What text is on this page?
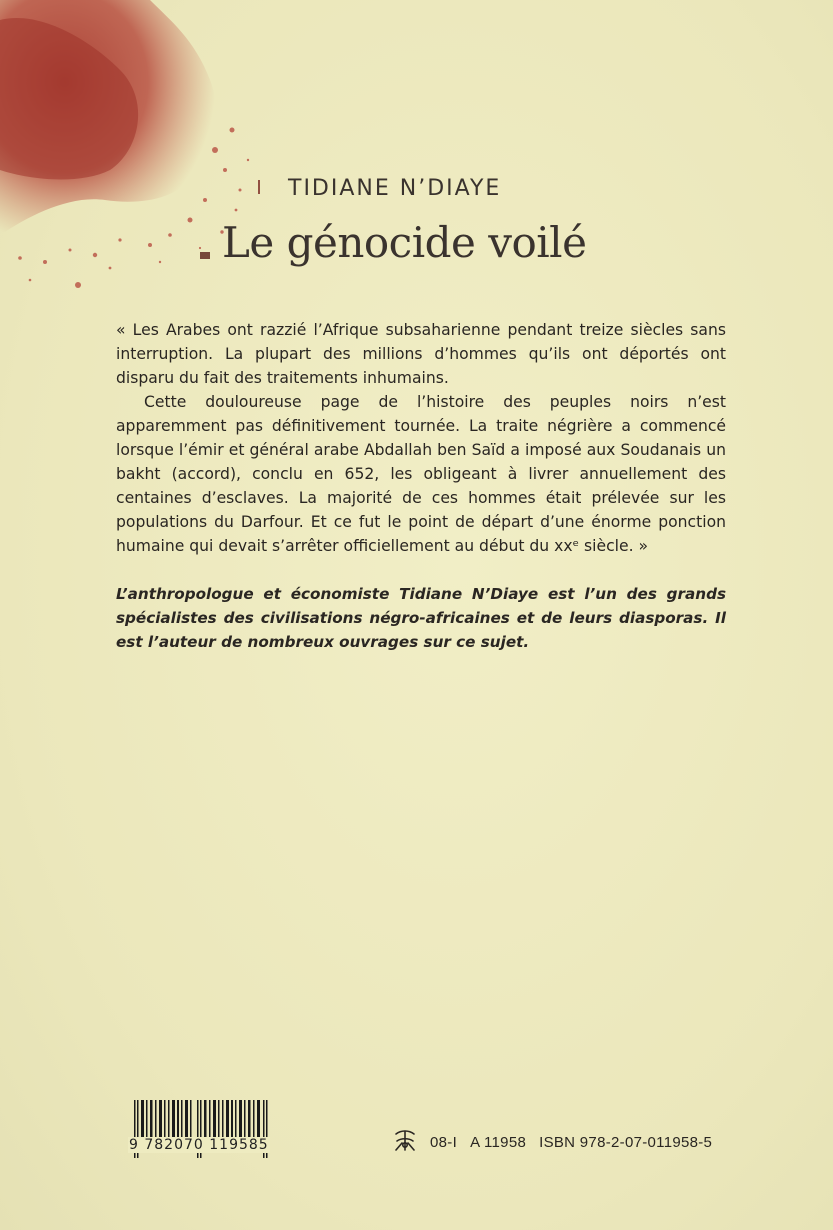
TIDIANE N’DIAYE
Le génocide voilé

« Les Arabes ont razzié l’Afrique subsaharienne pendant treize siècles sans interruption. La plupart des millions d’hommes qu’ils ont déportés ont disparu du fait des traitements inhumains.

Cette douloureuse page de l’histoire des peuples noirs n’est apparemment pas définitivement tournée. La traite négrière a commencé lorsque l’émir et général arabe Abdallah ben Saïd a imposé aux Soudanais un bakht (accord), conclu en 652, les obligeant à livrer annuellement des centaines d’esclaves. La majorité de ces hommes était prélevée sur les populations du Darfour. Et ce fut le point de départ d’une énorme ponction humaine qui devait s’arrêter officiellement au début du xxᵉ siècle. »

L’anthropologue et économiste Tidiane N’Diaye est l’un des grands spécialistes des civilisations négro-africaines et de leurs diasporas. Il est l’auteur de nombreux ouvrages sur ce sujet.

9 782070 119585	08-I A 11958 ISBN 978-2-07-011958-5
